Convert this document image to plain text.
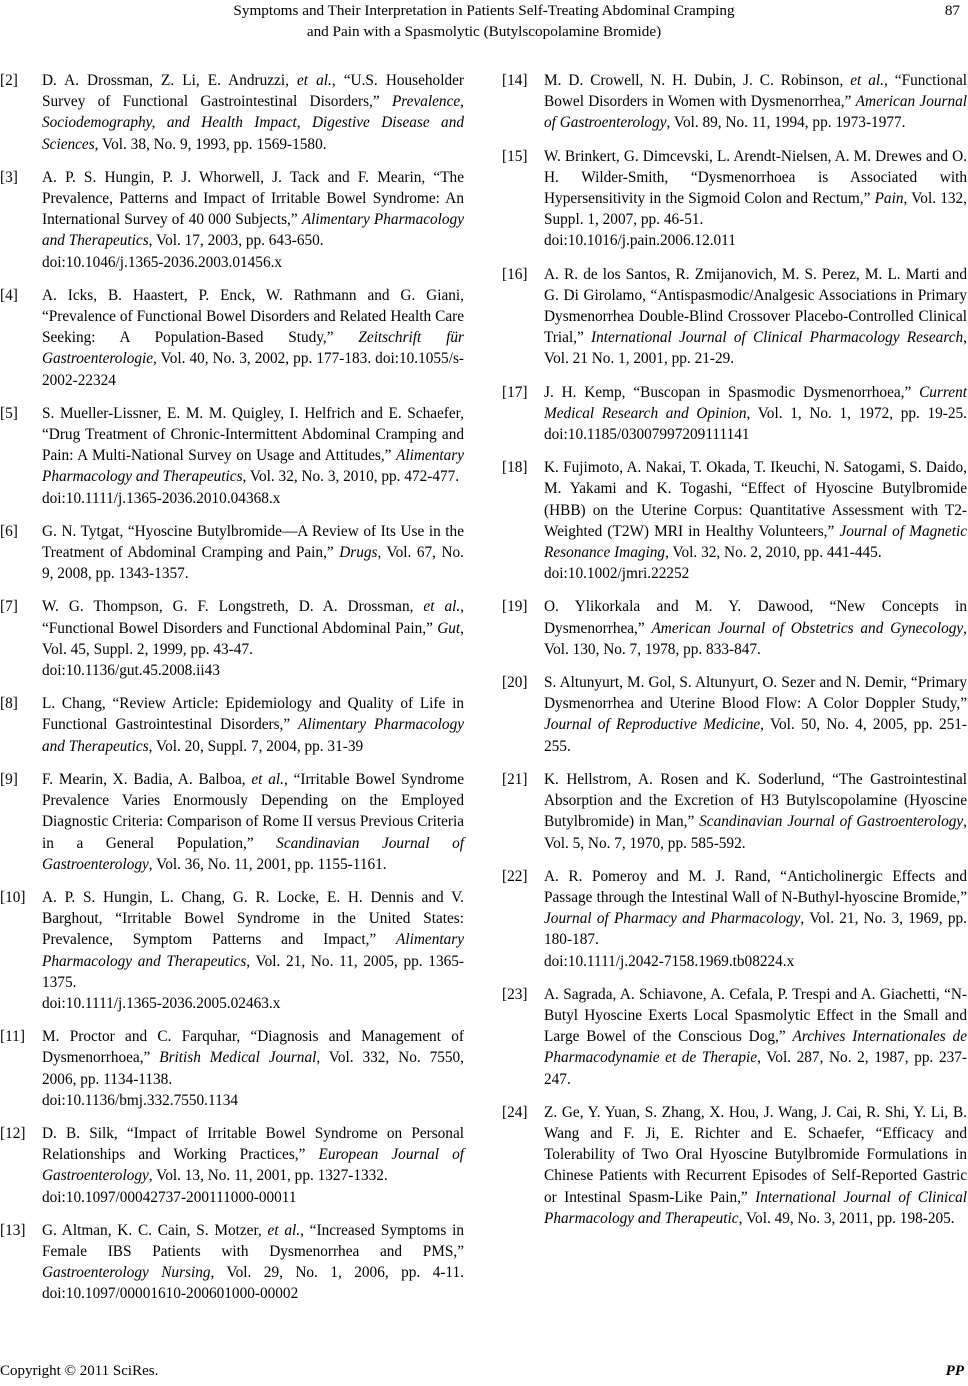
Symptoms and Their Interpretation in Patients Self-Treating Abdominal Cramping
and Pain with a Spasmolytic (Butylscopolamine Bromide)
87
[2] D. A. Drossman, Z. Li, E. Andruzzi, et al., “U.S. Householder Survey of Functional Gastrointestinal Disorders,” Prevalence, Sociodemography, and Health Impact, Digestive Disease and Sciences, Vol. 38, No. 9, 1993, pp. 1569-1580.
[3] A. P. S. Hungin, P. J. Whorwell, J. Tack and F. Mearin, “The Prevalence, Patterns and Impact of Irritable Bowel Syndrome: An International Survey of 40 000 Subjects,” Alimentary Pharmacology and Therapeutics, Vol. 17, 2003, pp. 643-650.
doi:10.1046/j.1365-2036.2003.01456.x
[4] A. Icks, B. Haastert, P. Enck, W. Rathmann and G. Giani, “Prevalence of Functional Bowel Disorders and Related Health Care Seeking: A Population-Based Study,” Zeitschrift für Gastroenterologie, Vol. 40, No. 3, 2002, pp. 177-183. doi:10.1055/s-2002-22324
[5] S. Mueller-Lissner, E. M. M. Quigley, I. Helfrich and E. Schaefer, “Drug Treatment of Chronic-Intermittent Abdominal Cramping and Pain: A Multi-National Survey on Usage and Attitudes,” Alimentary Pharmacology and Therapeutics, Vol. 32, No. 3, 2010, pp. 472-477.
doi:10.1111/j.1365-2036.2010.04368.x
[6] G. N. Tytgat, “Hyoscine Butylbromide—A Review of Its Use in the Treatment of Abdominal Cramping and Pain,” Drugs, Vol. 67, No. 9, 2008, pp. 1343-1357.
[7] W. G. Thompson, G. F. Longstreth, D. A. Drossman, et al., “Functional Bowel Disorders and Functional Abdominal Pain,” Gut, Vol. 45, Suppl. 2, 1999, pp. 43-47.
doi:10.1136/gut.45.2008.ii43
[8] L. Chang, “Review Article: Epidemiology and Quality of Life in Functional Gastrointestinal Disorders,” Alimentary Pharmacology and Therapeutics, Vol. 20, Suppl. 7, 2004, pp. 31-39
[9] F. Mearin, X. Badia, A. Balboa, et al., “Irritable Bowel Syndrome Prevalence Varies Enormously Depending on the Employed Diagnostic Criteria: Comparison of Rome II versus Previous Criteria in a General Population,” Scandinavian Journal of Gastroenterology, Vol. 36, No. 11, 2001, pp. 1155-1161.
[10] A. P. S. Hungin, L. Chang, G. R. Locke, E. H. Dennis and V. Barghout, “Irritable Bowel Syndrome in the United States: Prevalence, Symptom Patterns and Impact,” Alimentary Pharmacology and Therapeutics, Vol. 21, No. 11, 2005, pp. 1365-1375.
doi:10.1111/j.1365-2036.2005.02463.x
[11] M. Proctor and C. Farquhar, “Diagnosis and Management of Dysmenorrhoea,” British Medical Journal, Vol. 332, No. 7550, 2006, pp. 1134-1138.
doi:10.1136/bmj.332.7550.1134
[12] D. B. Silk, “Impact of Irritable Bowel Syndrome on Personal Relationships and Working Practices,” European Journal of Gastroenterology, Vol. 13, No. 11, 2001, pp. 1327-1332.
doi:10.1097/00042737-200111000-00011
[13] G. Altman, K. C. Cain, S. Motzer, et al., “Increased Symptoms in Female IBS Patients with Dysmenorrhea and PMS,” Gastroenterology Nursing, Vol. 29, No. 1, 2006, pp. 4-11. doi:10.1097/00001610-200601000-00002
[14] M. D. Crowell, N. H. Dubin, J. C. Robinson, et al., “Functional Bowel Disorders in Women with Dysmenorrhea,” American Journal of Gastroenterology, Vol. 89, No. 11, 1994, pp. 1973-1977.
[15] W. Brinkert, G. Dimcevski, L. Arendt-Nielsen, A. M. Drewes and O. H. Wilder-Smith, “Dysmenorrhoea is Associated with Hypersensitivity in the Sigmoid Colon and Rectum,” Pain, Vol. 132, Suppl. 1, 2007, pp. 46-51.
doi:10.1016/j.pain.2006.12.011
[16] A. R. de los Santos, R. Zmijanovich, M. S. Perez, M. L. Marti and G. Di Girolamo, “Antispasmodic/Analgesic Associations in Primary Dysmenorrhea Double-Blind Crossover Placebo-Controlled Clinical Trial,” International Journal of Clinical Pharmacology Research, Vol. 21 No. 1, 2001, pp. 21-29.
[17] J. H. Kemp, “Buscopan in Spasmodic Dysmenorrhoea,” Current Medical Research and Opinion, Vol. 1, No. 1, 1972, pp. 19-25. doi:10.1185/03007997209111141
[18] K. Fujimoto, A. Nakai, T. Okada, T. Ikeuchi, N. Satogami, S. Daido, M. Yakami and K. Togashi, “Effect of Hyoscine Butylbromide (HBB) on the Uterine Corpus: Quantitative Assessment with T2-Weighted (T2W) MRI in Healthy Volunteers,” Journal of Magnetic Resonance Imaging, Vol. 32, No. 2, 2010, pp. 441-445.
doi:10.1002/jmri.22252
[19] O. Ylikorkala and M. Y. Dawood, “New Concepts in Dysmenorrhea,” American Journal of Obstetrics and Gynecology, Vol. 130, No. 7, 1978, pp. 833-847.
[20] S. Altunyurt, M. Gol, S. Altunyurt, O. Sezer and N. Demir, “Primary Dysmenorrhea and Uterine Blood Flow: A Color Doppler Study,” Journal of Reproductive Medicine, Vol. 50, No. 4, 2005, pp. 251-255.
[21] K. Hellstrom, A. Rosen and K. Soderlund, “The Gastrointestinal Absorption and the Excretion of H3 Butylscopolamine (Hyoscine Butylbromide) in Man,” Scandinavian Journal of Gastroenterology, Vol. 5, No. 7, 1970, pp. 585-592.
[22] A. R. Pomeroy and M. J. Rand, “Anticholinergic Effects and Passage through the Intestinal Wall of N-Buthyl-hyoscine Bromide,” Journal of Pharmacy and Pharmacology, Vol. 21, No. 3, 1969, pp. 180-187.
doi:10.1111/j.2042-7158.1969.tb08224.x
[23] A. Sagrada, A. Schiavone, A. Cefala, P. Trespi and A. Giachetti, “N-Butyl Hyoscine Exerts Local Spasmolytic Effect in the Small and Large Bowel of the Conscious Dog,” Archives Internationales de Pharmacodynamie et de Therapie, Vol. 287, No. 2, 1987, pp. 237-247.
[24] Z. Ge, Y. Yuan, S. Zhang, X. Hou, J. Wang, J. Cai, R. Shi, Y. Li, B. Wang and F. Ji, E. Richter and E. Schaefer, “Efficacy and Tolerability of Two Oral Hyoscine Butylbromide Formulations in Chinese Patients with Recurrent Episodes of Self-Reported Gastric or Intestinal Spasm-Like Pain,” International Journal of Clinical Pharmacology and Therapeutic, Vol. 49, No. 3, 2011, pp. 198-205.
Copyright © 2011 SciRes.	PP
